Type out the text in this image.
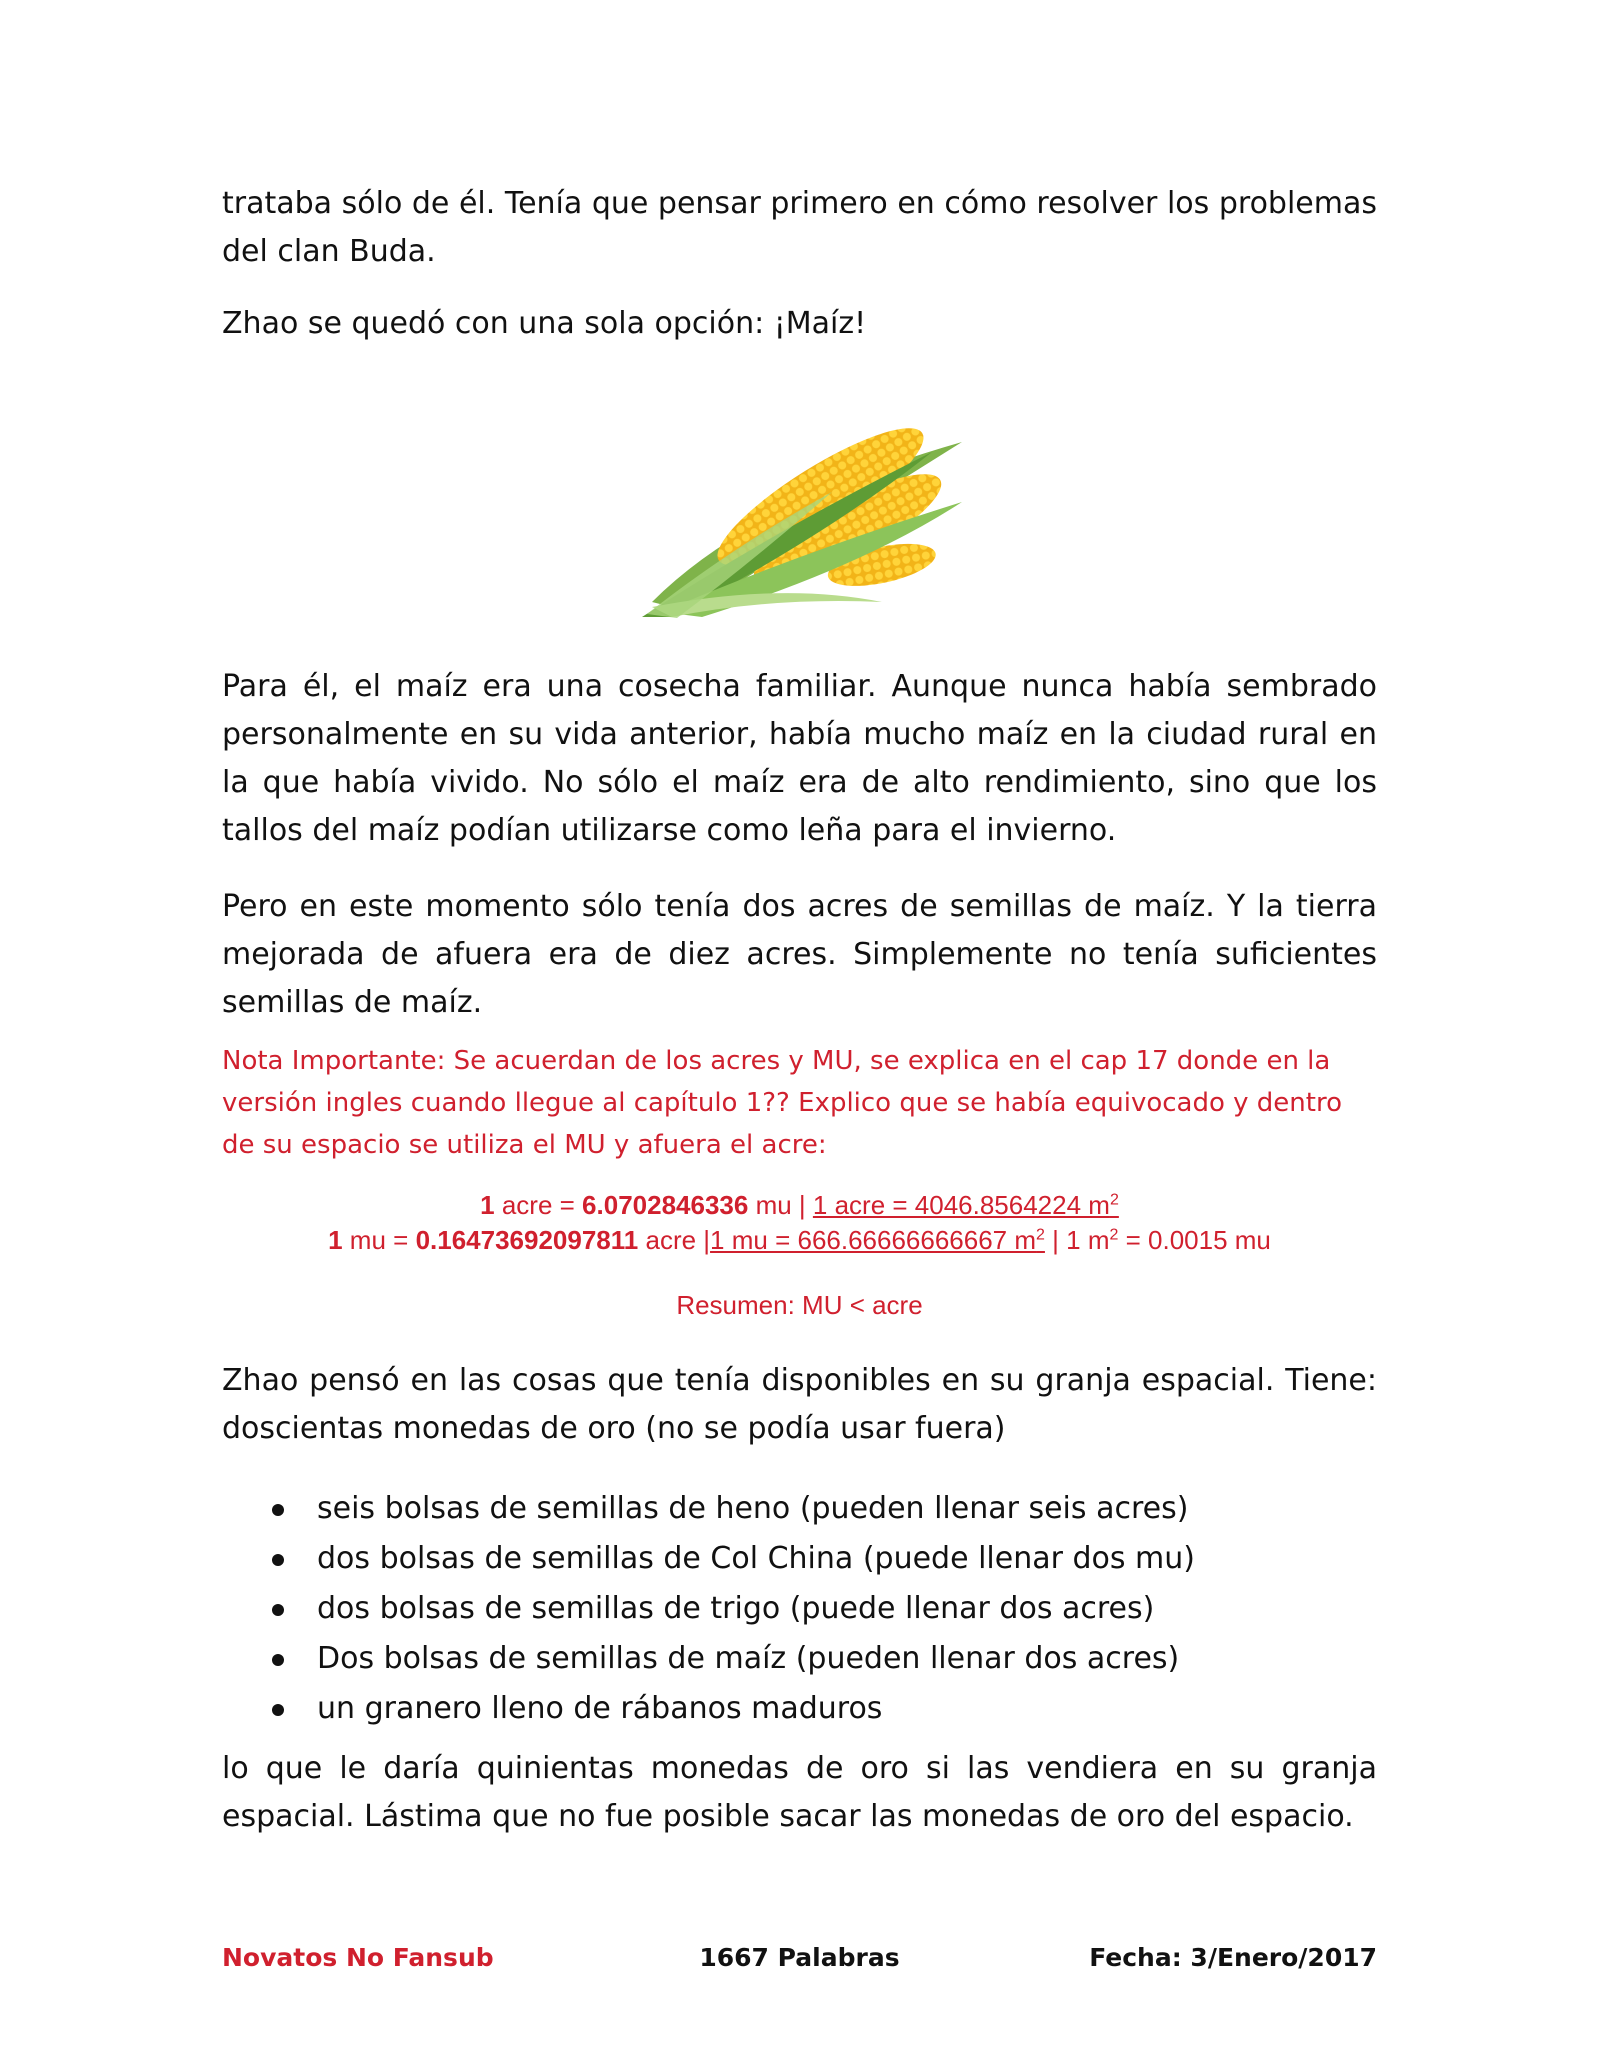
trataba sólo de él. Tenía que pensar primero en cómo resolver los problemas del clan Buda.

Zhao se quedó con una sola opción: ¡Maíz!

Para él, el maíz era una cosecha familiar. Aunque nunca había sembrado personalmente en su vida anterior, había mucho maíz en la ciudad rural en la que había vivido. No sólo el maíz era de alto rendimiento, sino que los tallos del maíz podían utilizarse como leña para el invierno.

Pero en este momento sólo tenía dos acres de semillas de maíz. Y la tierra mejorada de afuera era de diez acres. Simplemente no tenía suficientes semillas de maíz.

Nota Importante: Se acuerdan de los acres y MU, se explica en el cap 17 donde en la versión ingles cuando llegue al capítulo 1?? Explico que se había equivocado y dentro de su espacio se utiliza el MU y afuera el acre:

1 acre = 6.0702846336 mu | 1 acre = 4046.8564224 $m^2$
1 mu = 0.16473692097811 acre |1 mu = 666.66666666667 $m^2$ | 1 $m^2 = 0.0015$ mu
Resumen: MU < acre

Zhao pensó en las cosas que tenía disponibles en su granja espacial. Tiene: doscientas monedas de oro (no se podía usar fuera)

seis bolsas de semillas de heno (pueden llenar seis acres)
dos bolsas de semillas de Col China (puede llenar dos mu)
dos bolsas de semillas de trigo (puede llenar dos acres)
Dos bolsas de semillas de maíz (pueden llenar dos acres)
un granero lleno de rábanos maduros

lo que le daría quinientas monedas de oro si las vendiera en su granja espacial. Lástima que no fue posible sacar las monedas de oro del espacio.

Novatos No Fansub	1667 Palabras	Fecha: 3/Enero/2017
